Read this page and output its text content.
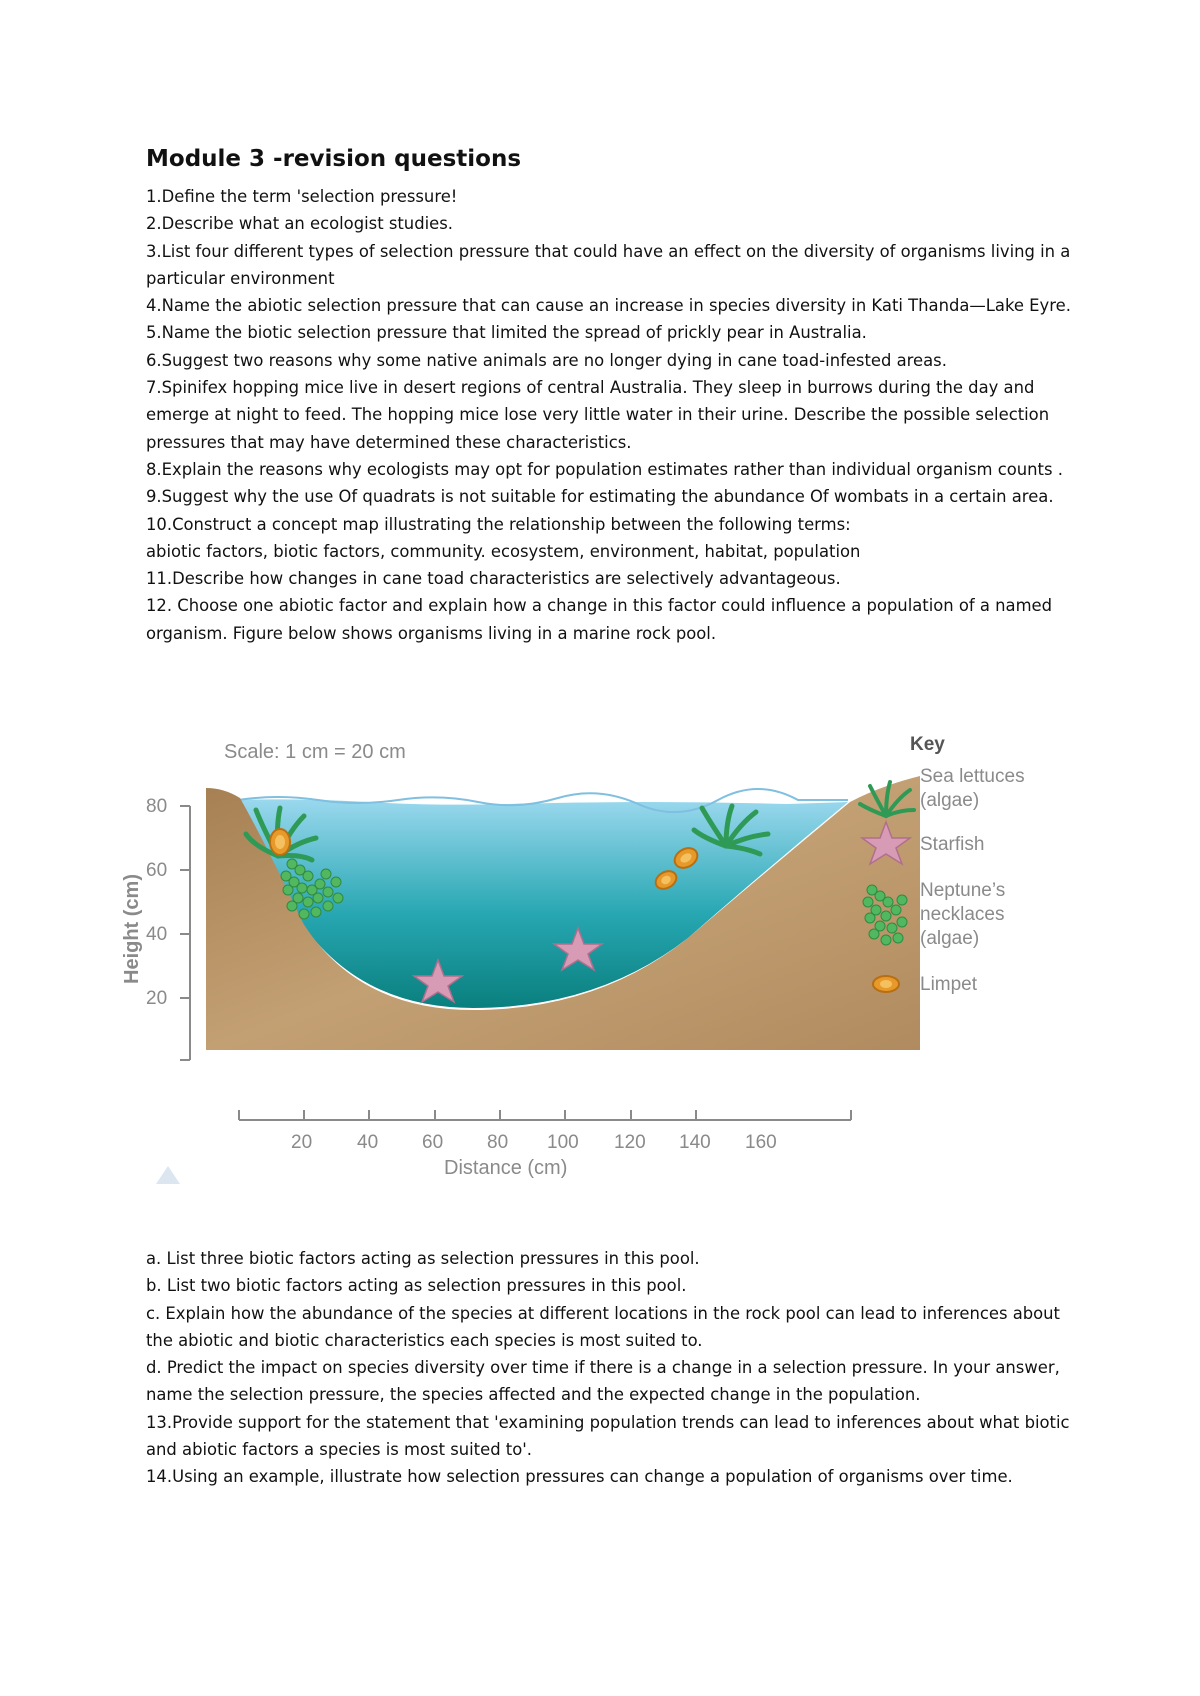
Module 3 -revision questions

1.Define the term 'selection pressure!

2.Describe what an ecologist studies.

3.List four different types of selection pressure that could have an effect on the diversity of organisms living in a particular environment

4.Name the abiotic selection pressure that can cause an increase in species diversity in Kati Thanda—Lake Eyre.

5.Name the biotic selection pressure that limited the spread of prickly pear in Australia.

6.Suggest two reasons why some native animals are no longer dying in cane toad-infested areas.

7.Spinifex hopping mice live in desert regions of central Australia. They sleep in burrows during the day and emerge at night to feed. The hopping mice lose very little water in their urine. Describe the possible selection pressures that may have determined these characteristics.

8.Explain the reasons why ecologists may opt for population estimates rather than individual organism counts .

9.Suggest why the use Of quadrats is not suitable for estimating the abundance Of wombats in a certain area.

10.Construct a concept map illustrating the relationship between the following terms:

abiotic factors, biotic factors, community. ecosystem, environment, habitat, population

11.Describe how changes in cane toad characteristics are selectively advantageous.

12. Choose one abiotic factor and explain how a change in this factor could influence a population of a named organism. Figure below shows organisms living in a marine rock pool.

Scale: 1 cm = 20 cm
80
60
40
20
Height (cm)
20 40 60 80 100 120 140 160
Distance (cm)
Key
Sea lettuces
(algae)
Starfish
Neptune’s
necklaces
(algae)
Limpet

a. List three biotic factors acting as selection pressures in this pool.

b. List two biotic factors acting as selection pressures in this pool.

c. Explain how the abundance of the species at different locations in the rock pool can lead to inferences about the abiotic and biotic characteristics each species is most suited to.

d. Predict the impact on species diversity over time if there is a change in a selection pressure. In your answer, name the selection pressure, the species affected and the expected change in the population.

13.Provide support for the statement that 'examining population trends can lead to inferences about what biotic and abiotic factors a species is most suited to'.

14.Using an example, illustrate how selection pressures can change a population of organisms over time.
